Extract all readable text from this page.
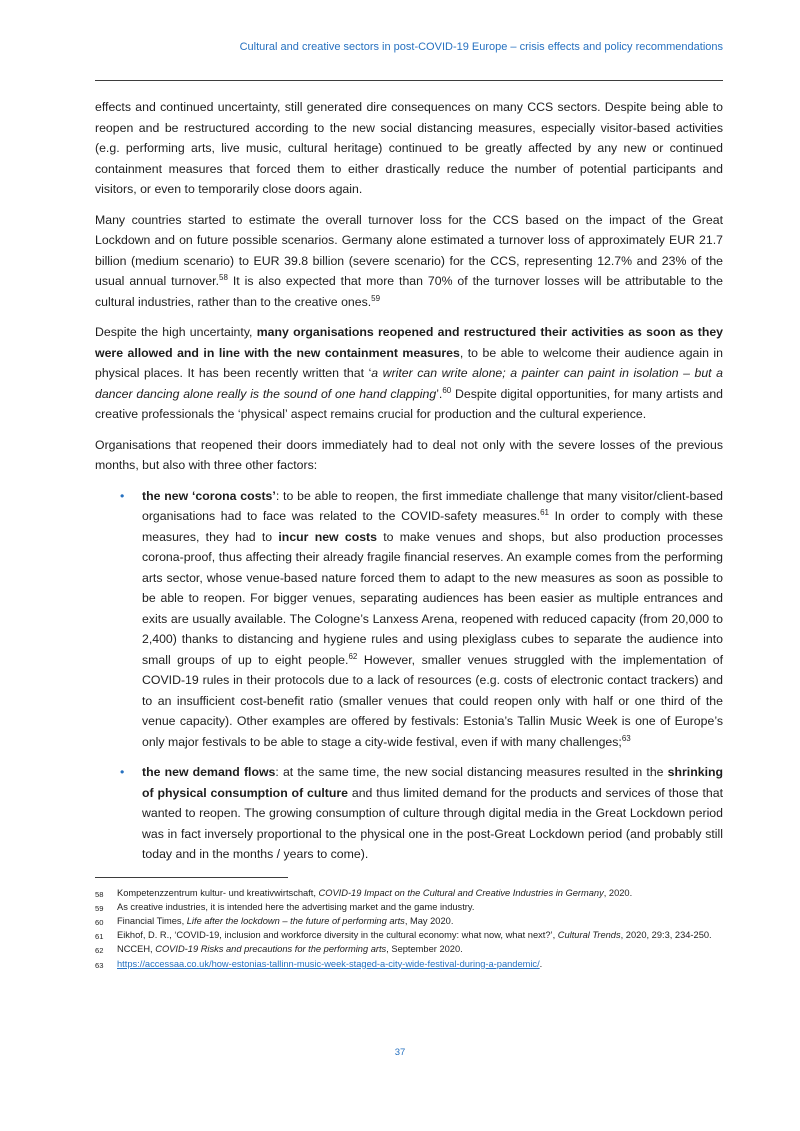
Cultural and creative sectors in post-COVID-19 Europe – crisis effects and policy recommendations

effects and continued uncertainty, still generated dire consequences on many CCS sectors. Despite being able to reopen and be restructured according to the new social distancing measures, especially visitor-based activities (e.g. performing arts, live music, cultural heritage) continued to be greatly affected by any new or continued containment measures that forced them to either drastically reduce the number of potential participants and visitors, or even to temporarily close doors again.

Many countries started to estimate the overall turnover loss for the CCS based on the impact of the Great Lockdown and on future possible scenarios. Germany alone estimated a turnover loss of approximately EUR 21.7 billion (medium scenario) to EUR 39.8 billion (severe scenario) for the CCS, representing 12.7% and 23% of the usual annual turnover.$^{58}$ It is also expected that more than 70% of the turnover losses will be attributable to the cultural industries, rather than to the creative ones.$^{59}$

Despite the high uncertainty, many organisations reopened and restructured their activities as soon as they were allowed and in line with the new containment measures, to be able to welcome their audience again in physical places. It has been recently written that ‘a writer can write alone; a painter can paint in isolation – but a dancer dancing alone really is the sound of one hand clapping’.$^{60}$ Despite digital opportunities, for many artists and creative professionals the ‘physical’ aspect remains crucial for production and the cultural experience.

Organisations that reopened their doors immediately had to deal not only with the severe losses of the previous months, but also with three other factors:

•	the new ‘corona costs’: to be able to reopen, the first immediate challenge that many visitor/client-based organisations had to face was related to the COVID-safety measures.$^{61}$ In order to comply with these measures, they had to incur new costs to make venues and shops, but also production processes corona-proof, thus affecting their already fragile financial reserves. An example comes from the performing arts sector, whose venue-based nature forced them to adapt to the new measures as soon as possible to be able to reopen. For bigger venues, separating audiences has been easier as multiple entrances and exits are usually available. The Cologne’s Lanxess Arena, reopened with reduced capacity (from 20,000 to 2,400) thanks to distancing and hygiene rules and using plexiglass cubes to separate the audience into small groups of up to eight people.$^{62}$ However, smaller venues struggled with the implementation of COVID-19 rules in their protocols due to a lack of resources (e.g. costs of electronic contact trackers) and to an insufficient cost-benefit ratio (smaller venues that could reopen only with half or one third of the venue capacity). Other examples are offered by festivals: Estonia’s Tallin Music Week is one of Europe’s only major festivals to be able to stage a city-wide festival, even if with many challenges;$^{63}$
•	the new demand flows: at the same time, the new social distancing measures resulted in the shrinking of physical consumption of culture and thus limited demand for the products and services of those that wanted to reopen. The growing consumption of culture through digital media in the Great Lockdown period was in fact inversely proportional to the physical one in the post-Great Lockdown period (and probably still today and in the months / years to come).
58	Kompetenzzentrum kultur- und kreativwirtschaft, COVID-19 Impact on the Cultural and Creative Industries in Germany, 2020.
59	As creative industries, it is intended here the advertising market and the game industry.
60	Financial Times, Life after the lockdown – the future of performing arts, May 2020.
61	Eikhof, D. R., ‘COVID-19, inclusion and workforce diversity in the cultural economy: what now, what next?’, Cultural Trends, 2020, 29:3, 234-250.
62	NCCEH, COVID-19 Risks and precautions for the performing arts, September 2020.
63	https://accessaa.co.uk/how-estonias-tallinn-music-week-staged-a-city-wide-festival-during-a-pandemic/.
37
